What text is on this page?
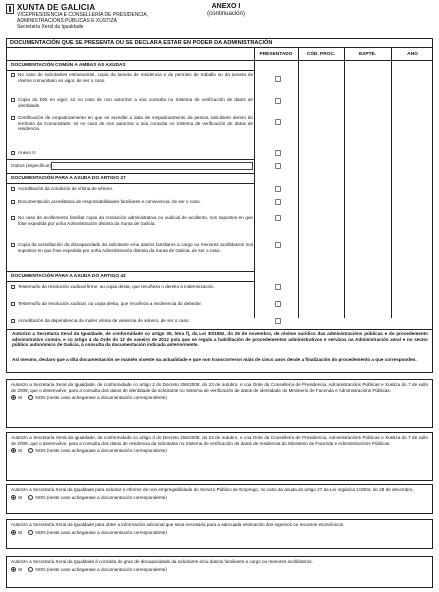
XUNTA DE GALICIA
VICEPRESIDENCIA E CONSELLERÍA DE PRESIDENCIA,
ADMINISTRACIÓNS PÚBLICAS E XUSTIZA
Secretaría Xeral da Igualdade
ANEXO I
(continuación)
DOCUMENTACIÓN QUE SE PRESENTA OU SE DECLARA ESTAR EN PODER DA ADMINISTRACIÓN
PRESENTADO	CÓD. PROC.	EXPTE.	ANO
DOCUMENTACIÓN COMÚN A AMBAS AS AXUDAS
No caso de solicitantes estranxeiras, copia da tarxeta de residencia e do permiso de traballo ou da tarxeta de réxime comunitario en vigor, de ser o caso.
Copia do DNI en vigor, só no caso de non autorizar a súa consulta no Sistema de verificación de datos de identidade.
Certificación de empadroamento en que se acredite a data de empadroamento da persoa solicitante dentro do territorio da Comunidade, só no caso de non autorizar a súa consulta no Sistema de verificación de datos de residencia.
Anexo II.
Outros (especificar):
DOCUMENTACIÓN PARA A AXUDA DO ARTIGO 27
Acreditación da condición de vítima de xénero.
Documentación acreditativa de responsabilidades familiares e convivencia, de ser o caso.
No caso de acollemento familiar copia da resolución administrativa ou xudicial de acollento, nos supostos en que fose expedida por unha Administración distinta da Xunta de Galicia.
Copia da acreditación da discapacidade da solicitante e/ou das/os familiares a cargo ou menores acollidas/os nos supostos en que fose expedida por unha Administración distinta da Xunta de Galicia, de ser o caso.
DOCUMENTACIÓN PARA A AXUDA DO ARTIGO 43
Testemuño da resolución xudicial firme, ou copia desta, que recoñeza o dereito á indemnización.
Testemuño da resolución xudicial, ou copia desta, que recoñeza a insolvencia do debedor.
Acreditación da dependencia da muller vítima de violencia de xénero, de ser o caso.
Autorizo a Secretaría Xeral da Igualdade, de conformidade co artigo 35, letra f), da Lei 30/1992, do 26 de novembro, de réxime xurídico das administracións públicas e do procedemento administrativo común, e co artigo 4 da Orde do 12 de xaneiro de 2012 pola que se regula a habilitación de procedementos administrativos e servizos na Administración xeral e no sector público autonómico de Galicia, á consulta da documentación indicada anteriormente.
Así mesmo, declaro que a dita documentación se mantén vixente na actualidade e que non transcorreron máis de cinco anos desde a finalización do procedemento a que corresponden.
Autorizo a Secretaría Xeral da Igualdade, de conformidade co artigo 2 do Decreto 255/2008, do 23 de outubro, e coa Orde da Consellería de Presidencia, Administracións Públicas e Xustiza do 7 de xullo de 2009, que o desenvolve, para a consulta dos datos de identidade da solicitante no Sistema de verificación de datos de identidade do Ministerio de Facenda e Administracións Públicas.
SI	NON (neste caso achegarase a documentación correspondente)
Autorizo a Secretaría Xeral da Igualdade, de conformidade co artigo 3 do Decreto 255/2008, do 23 de outubro, e coa Orde da Consellería de Presidencia, Administracións Públicas e Xustiza do 7 de xullo de 2009, que o desenvolve, para a consulta dos datos de residencia da solicitante no Sistema de verificación de datos de residencia do Ministerio de Facenda e Administracións Públicas.
SI	NON (neste caso achegarase a documentación correspondente)
Autorizo a Secretaría Xeral da Igualdade para solicitar o informe de non empregabilidade do Servizo Público de Emprego, no caso da axuda do artigo 27 da Lei orgánica 1/2004, do 28 de decembro.
SI	NON (neste caso achegarase a documentación correspondente)
Autorizo a Secretaría Xeral da Igualdade para obter a información adicional que sexa necesaria para a adecuada estimación dos ingresos ou recursos económicos.
SI	NON (neste caso achegarase a documentación correspondente)
Autorizo a Secretaría Xeral da Igualdade á consulta do grao de discapacidade da solicitante e/ou das/os familiares a cargo ou menores acollidas/os.
SI	NON (neste caso achegarase a documentación correspondente)
